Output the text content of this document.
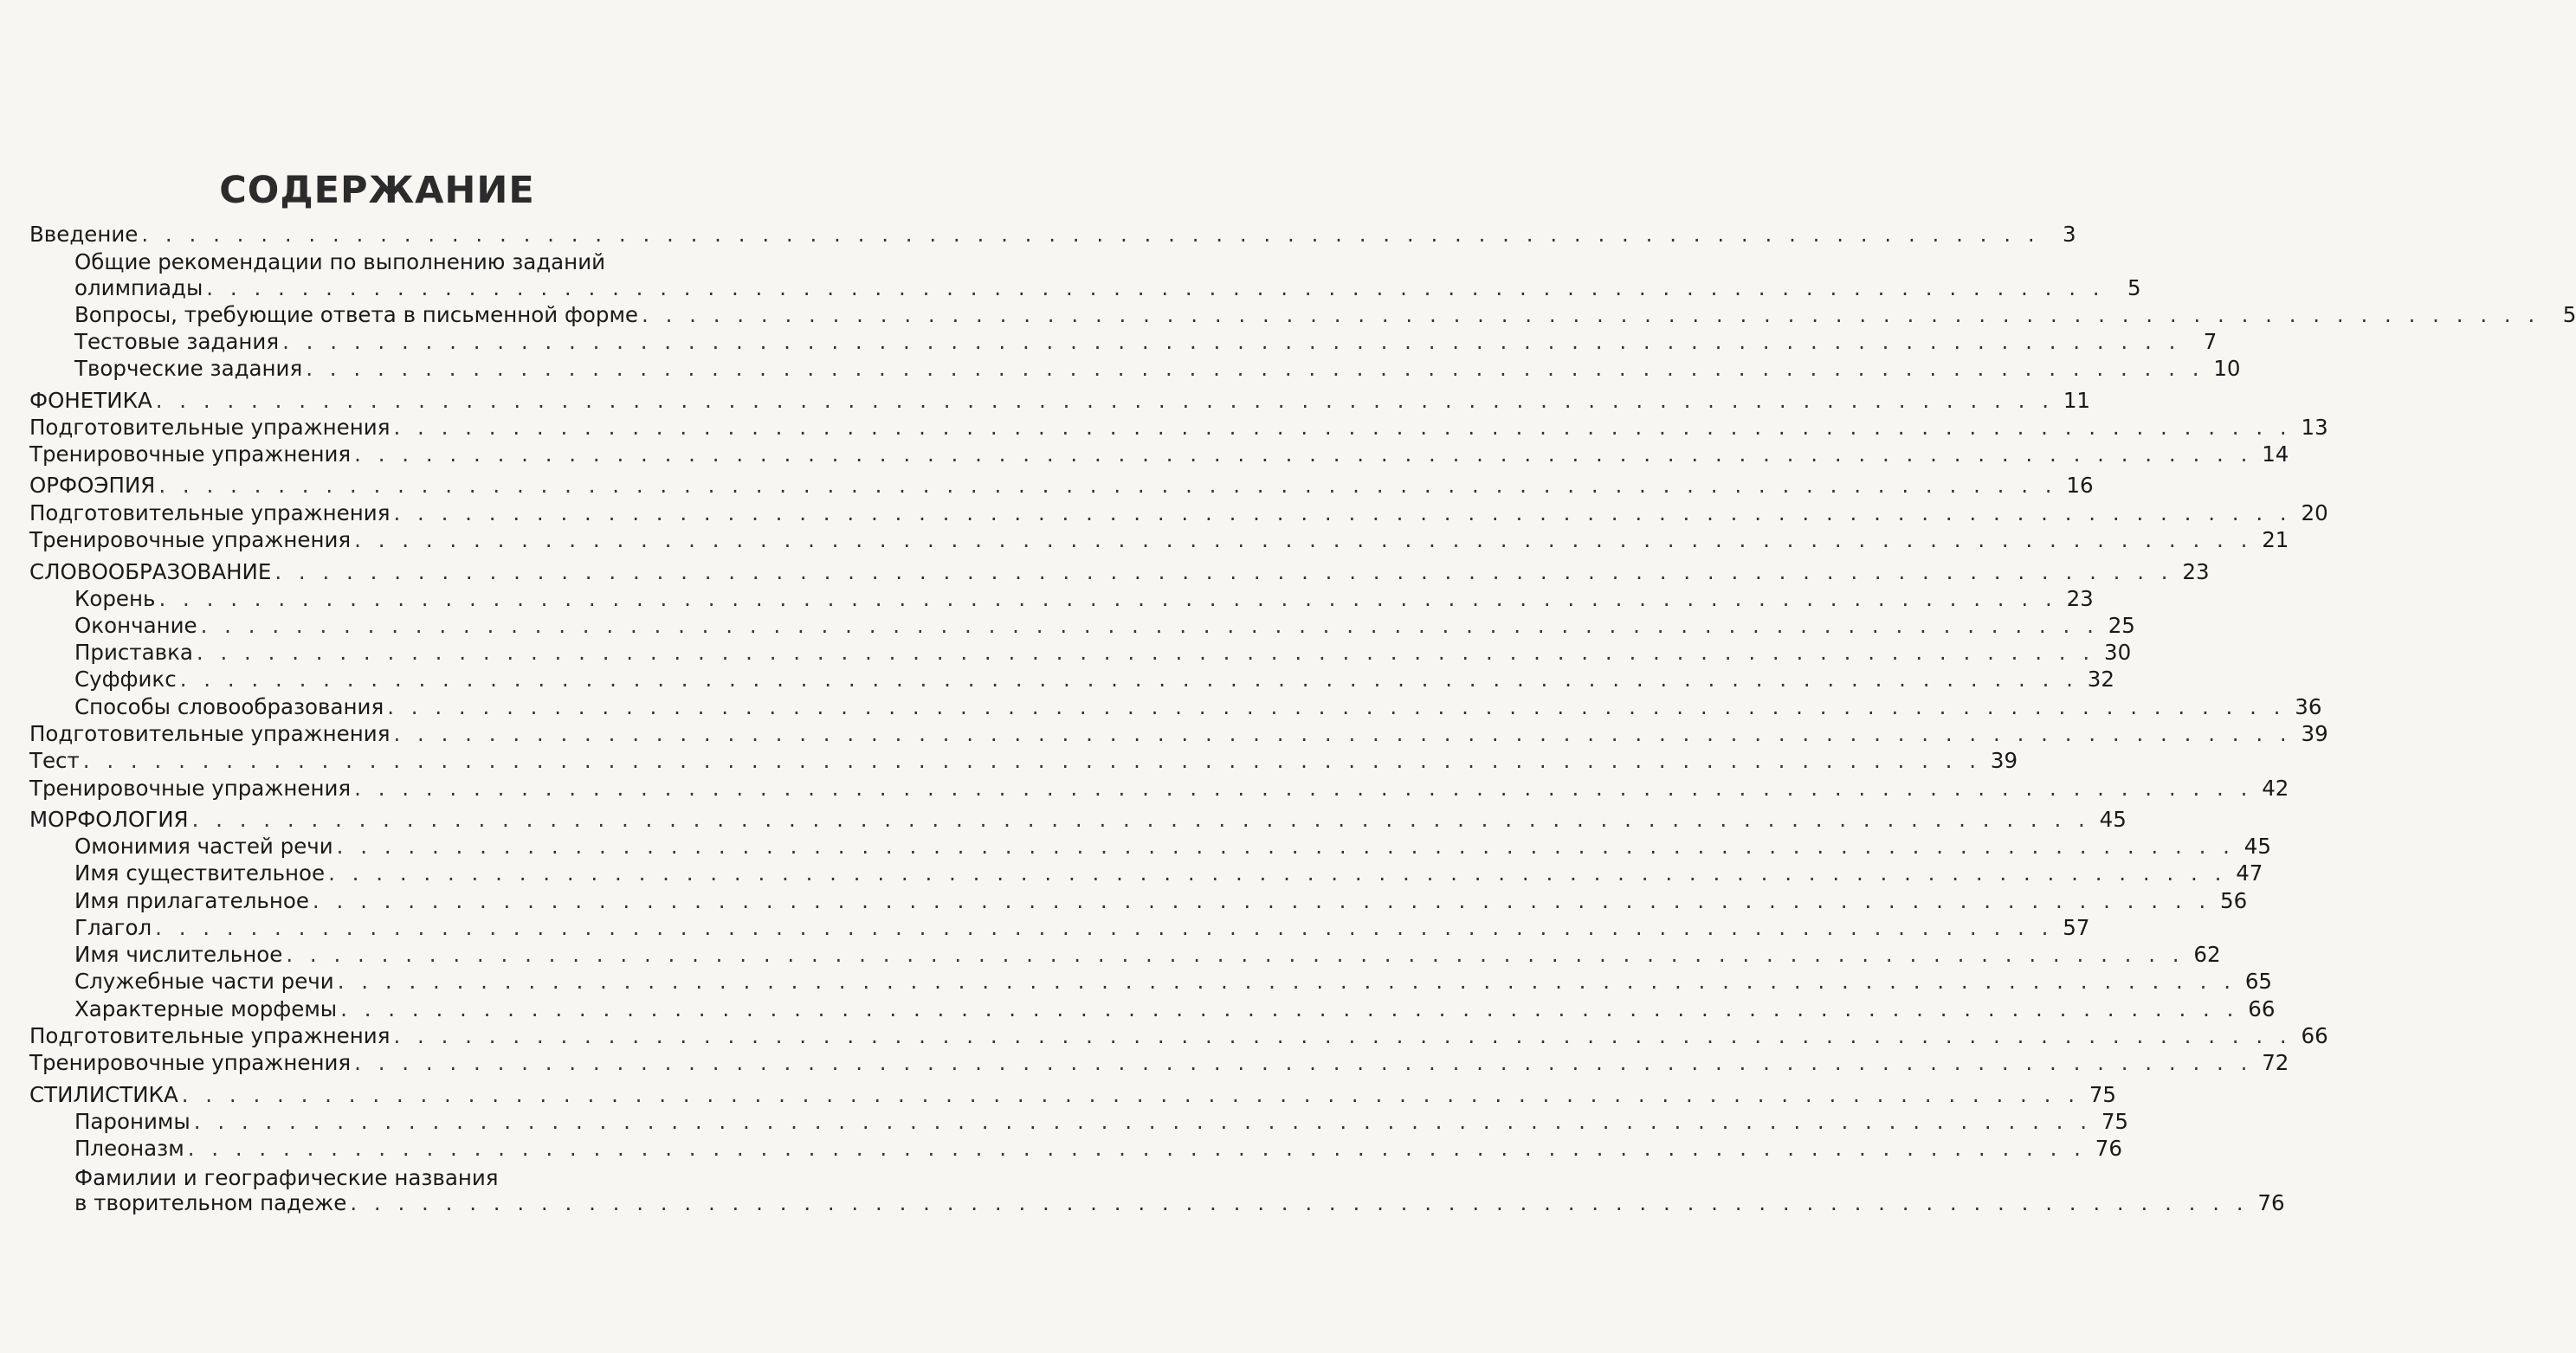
СОДЕРЖАНИЕ
Введение . . . . . . . . . . . . . . . . . . . . . . . . . . . . . . . . . . . . . . . . . . . . . . . . . . . . . . . . . . . . . . . . . . . . . . . . . . . . . . . .	3
Общие рекомендации по выполнению заданий
олимпиады . . . . . . . . . . . . . . . . . . . . . . . . . . . . . . . . . . . . . . . . . . . . . . . . . . . . . . . . . . . . . . . . . . . . . . . . . . . . . . . .	5
Вопросы, требующие ответа в письменной форме . . . . . . . . . . . . . . . . . . . . . . . . . . . . . . . . . . . . . . . . . . . . . . . . . . . . . . . . . . . . . . . . . . . . . . . . . . . . . . . .	5
Тестовые задания . . . . . . . . . . . . . . . . . . . . . . . . . . . . . . . . . . . . . . . . . . . . . . . . . . . . . . . . . . . . . . . . . . . . . . . . . . . . . . . .	7
Творческие задания . . . . . . . . . . . . . . . . . . . . . . . . . . . . . . . . . . . . . . . . . . . . . . . . . . . . . . . . . . . . . . . . . . . . . . . . . . . . . . . . 10
ФОНЕТИКА . . . . . . . . . . . . . . . . . . . . . . . . . . . . . . . . . . . . . . . . . . . . . . . . . . . . . . . . . . . . . . . . . . . . . . . . . . . . . . . . 11
Подготовительные упражнения . . . . . . . . . . . . . . . . . . . . . . . . . . . . . . . . . . . . . . . . . . . . . . . . . . . . . . . . . . . . . . . . . . . . . . . . . . . . . . . . 13
Тренировочные упражнения . . . . . . . . . . . . . . . . . . . . . . . . . . . . . . . . . . . . . . . . . . . . . . . . . . . . . . . . . . . . . . . . . . . . . . . . . . . . . . . . 14
ОРФОЭПИЯ . . . . . . . . . . . . . . . . . . . . . . . . . . . . . . . . . . . . . . . . . . . . . . . . . . . . . . . . . . . . . . . . . . . . . . . . . . . . . . . . 16
Подготовительные упражнения . . . . . . . . . . . . . . . . . . . . . . . . . . . . . . . . . . . . . . . . . . . . . . . . . . . . . . . . . . . . . . . . . . . . . . . . . . . . . . . . 20
Тренировочные упражнения . . . . . . . . . . . . . . . . . . . . . . . . . . . . . . . . . . . . . . . . . . . . . . . . . . . . . . . . . . . . . . . . . . . . . . . . . . . . . . . . 21
СЛОВООБРАЗОВАНИЕ . . . . . . . . . . . . . . . . . . . . . . . . . . . . . . . . . . . . . . . . . . . . . . . . . . . . . . . . . . . . . . . . . . . . . . . . . . . . . . . . 23
Корень . . . . . . . . . . . . . . . . . . . . . . . . . . . . . . . . . . . . . . . . . . . . . . . . . . . . . . . . . . . . . . . . . . . . . . . . . . . . . . . . 23
Окончание . . . . . . . . . . . . . . . . . . . . . . . . . . . . . . . . . . . . . . . . . . . . . . . . . . . . . . . . . . . . . . . . . . . . . . . . . . . . . . . . 25
Приставка . . . . . . . . . . . . . . . . . . . . . . . . . . . . . . . . . . . . . . . . . . . . . . . . . . . . . . . . . . . . . . . . . . . . . . . . . . . . . . . . 30
Суффикс . . . . . . . . . . . . . . . . . . . . . . . . . . . . . . . . . . . . . . . . . . . . . . . . . . . . . . . . . . . . . . . . . . . . . . . . . . . . . . . . 32
Способы словообразования . . . . . . . . . . . . . . . . . . . . . . . . . . . . . . . . . . . . . . . . . . . . . . . . . . . . . . . . . . . . . . . . . . . . . . . . . . . . . . . . 36
Подготовительные упражнения . . . . . . . . . . . . . . . . . . . . . . . . . . . . . . . . . . . . . . . . . . . . . . . . . . . . . . . . . . . . . . . . . . . . . . . . . . . . . . . . 39
Тест . . . . . . . . . . . . . . . . . . . . . . . . . . . . . . . . . . . . . . . . . . . . . . . . . . . . . . . . . . . . . . . . . . . . . . . . . . . . . . . . 39
Тренировочные упражнения . . . . . . . . . . . . . . . . . . . . . . . . . . . . . . . . . . . . . . . . . . . . . . . . . . . . . . . . . . . . . . . . . . . . . . . . . . . . . . . . 42
МОРФОЛОГИЯ . . . . . . . . . . . . . . . . . . . . . . . . . . . . . . . . . . . . . . . . . . . . . . . . . . . . . . . . . . . . . . . . . . . . . . . . . . . . . . . . 45
Омонимия частей речи . . . . . . . . . . . . . . . . . . . . . . . . . . . . . . . . . . . . . . . . . . . . . . . . . . . . . . . . . . . . . . . . . . . . . . . . . . . . . . . . 45
Имя существительное . . . . . . . . . . . . . . . . . . . . . . . . . . . . . . . . . . . . . . . . . . . . . . . . . . . . . . . . . . . . . . . . . . . . . . . . . . . . . . . . 47
Имя прилагательное . . . . . . . . . . . . . . . . . . . . . . . . . . . . . . . . . . . . . . . . . . . . . . . . . . . . . . . . . . . . . . . . . . . . . . . . . . . . . . . . 56
Глагол . . . . . . . . . . . . . . . . . . . . . . . . . . . . . . . . . . . . . . . . . . . . . . . . . . . . . . . . . . . . . . . . . . . . . . . . . . . . . . . . 57
Имя числительное . . . . . . . . . . . . . . . . . . . . . . . . . . . . . . . . . . . . . . . . . . . . . . . . . . . . . . . . . . . . . . . . . . . . . . . . . . . . . . . . 62
Служебные части речи . . . . . . . . . . . . . . . . . . . . . . . . . . . . . . . . . . . . . . . . . . . . . . . . . . . . . . . . . . . . . . . . . . . . . . . . . . . . . . . . 65
Характерные морфемы . . . . . . . . . . . . . . . . . . . . . . . . . . . . . . . . . . . . . . . . . . . . . . . . . . . . . . . . . . . . . . . . . . . . . . . . . . . . . . . . 66
Подготовительные упражнения . . . . . . . . . . . . . . . . . . . . . . . . . . . . . . . . . . . . . . . . . . . . . . . . . . . . . . . . . . . . . . . . . . . . . . . . . . . . . . . . 66
Тренировочные упражнения . . . . . . . . . . . . . . . . . . . . . . . . . . . . . . . . . . . . . . . . . . . . . . . . . . . . . . . . . . . . . . . . . . . . . . . . . . . . . . . . 72
СТИЛИСТИКА . . . . . . . . . . . . . . . . . . . . . . . . . . . . . . . . . . . . . . . . . . . . . . . . . . . . . . . . . . . . . . . . . . . . . . . . . . . . . . . . 75
Паронимы . . . . . . . . . . . . . . . . . . . . . . . . . . . . . . . . . . . . . . . . . . . . . . . . . . . . . . . . . . . . . . . . . . . . . . . . . . . . . . . . 75
Плеоназм . . . . . . . . . . . . . . . . . . . . . . . . . . . . . . . . . . . . . . . . . . . . . . . . . . . . . . . . . . . . . . . . . . . . . . . . . . . . . . . . 76
Фамилии и географические названия
в творительном падеже . . . . . . . . . . . . . . . . . . . . . . . . . . . . . . . . . . . . . . . . . . . . . . . . . . . . . . . . . . . . . . . . . . . . . . . . . . . . . . . . 76
